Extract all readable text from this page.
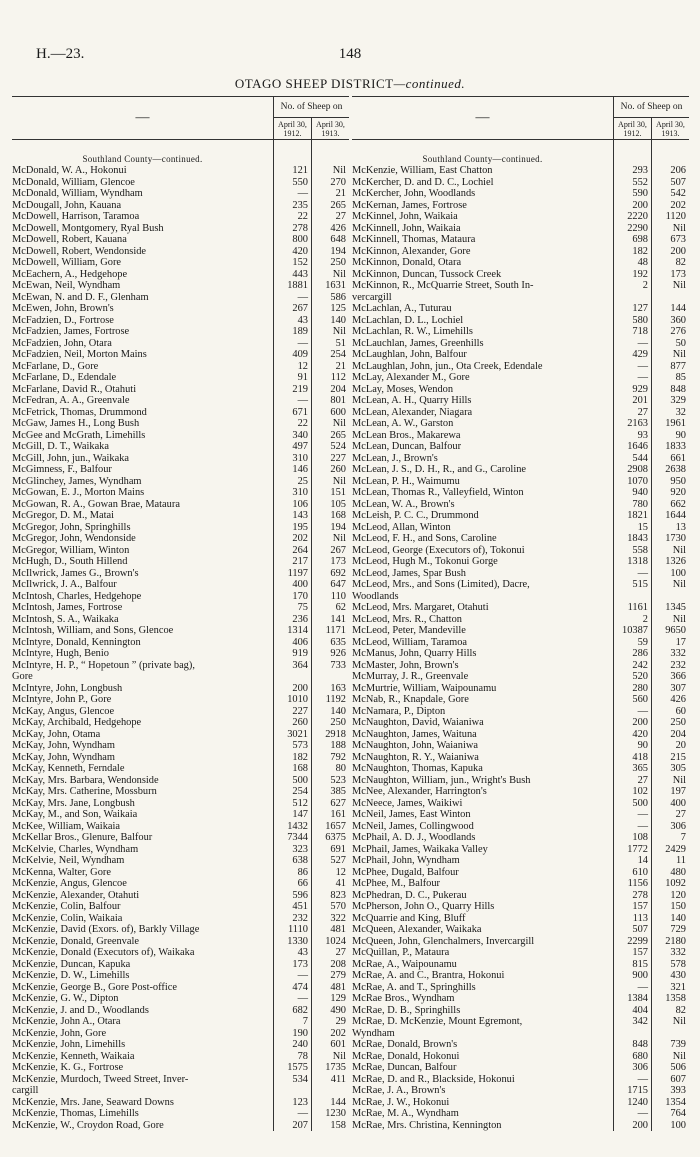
H.—23.	148
OTAGO SHEEP DISTRICT—continued.
—
No. of Sheep on
April 30, 1912.
April 30, 1913.
Southland County—continued.
McDonald, W. A., Hokonui
McDonald, William, Glencoe
McDonald, William, Wyndham
McDougall, John, Kauana
McDowell, Harrison, Taramoa
McDowell, Montgomery, Ryal Bush
McDowell, Robert, Kauana
McDowell, Robert, Wendonside
McDowell, William, Gore
McEachern, A., Hedgehope
McEwan, Neil, Wyndham
McEwan, N. and D. F., Glenham
McEwen, John, Brown's
McFadzien, D., Fortrose
McFadzien, James, Fortrose
McFadzien, John, Otara
McFadzien, Neil, Morton Mains
McFarlane, D., Gore
McFarlane, D., Edendale
McFarlane, David R., Otahuti
McFedran, A. A., Greenvale
McFetrick, Thomas, Drummond
McGaw, James H., Long Bush
McGee and McGrath, Limehills
McGill, D. T., Waikaka
McGill, John, jun., Waikaka
McGimness, F., Balfour
McGlinchey, James, Wyndham
McGowan, E. J., Morton Mains
McGowan, R. A., Gowan Brae, Mataura
McGregor, D. M., Matai
McGregor, John, Springhills
McGregor, John, Wendonside
McGregor, William, Winton
McHugh, D., South Hillend
McIlwrick, James G., Brown's
McIlwrick, J. A., Balfour
McIntosh, Charles, Hedgehope
McIntosh, James, Fortrose
McIntosh, S. A., Waikaka
McIntosh, William, and Sons, Glencoe
McIntyre, Donald, Kennington
McIntyre, Hugh, Benio
McIntyre, H. P., “ Hopetoun ” (private bag),
Gore
McIntyre, John, Longbush
McIntyre, John P., Gore
McKay, Angus, Glencoe
McKay, Archibald, Hedgehope
McKay, John, Otama
McKay, John, Wyndham
McKay, John, Wyndham
McKay, Kenneth, Ferndale
McKay, Mrs. Barbara, Wendonside
McKay, Mrs. Catherine, Mossburn
McKay, Mrs. Jane, Longbush
McKay, M., and Son, Waikaia
McKee, William, Waikaia
McKellar Bros., Glenure, Balfour
McKelvie, Charles, Wyndham
McKelvie, Neil, Wyndham
McKenna, Walter, Gore
McKenzie, Angus, Glencoe
McKenzie, Alexander, Otahuti
McKenzie, Colin, Balfour
McKenzie, Colin, Waikaia
McKenzie, David (Exors. of), Barkly Village
McKenzie, Donald, Greenvale
McKenzie, Donald (Executors of), Waikaka
McKenzie, Duncan, Kapuka
McKenzie, D. W., Limehills
McKenzie, George B., Gore Post-office
McKenzie, G. W., Dipton
McKenzie, J. and D., Woodlands
McKenzie, John A., Otara
McKenzie, John, Gore
McKenzie, John, Limehills
McKenzie, Kenneth, Waikaia
McKenzie, K. G., Fortrose
McKenzie, Murdoch, Tweed Street, Inver-
cargill
McKenzie, Mrs. Jane, Seaward Downs
McKenzie, Thomas, Limehills
McKenzie, W., Croydon Road, Gore
121
550
—
235
22
278
800
420
152
443
1881
—
267
43
189
—
409
12
91
219
—
671
22
340
497
310
146
25
310
106
143
195
202
264
217
1197
400
170
75
236
1314
406
919
364
200
1010
227
260
3021
573
182
168
500
254
512
147
1432
7344
323
638
86
66
596
451
232
1110
1330
43
173
—
474
—
682
7
190
240
78
1575
534
123
—
207
Nil
270
21
265
27
426
648
194
250
Nil
1631
586
125
140
Nil
51
254
21
112
204
801
600
Nil
265
524
227
260
Nil
151
105
168
194
Nil
267
173
692
647
110
62
141
1171
635
926
733
163
1192
140
250
2918
188
792
80
523
385
627
161
1657
6375
691
527
12
41
823
570
322
481
1024
27
208
279
481
129
490
29
202
601
Nil
1735
411
144
1230
158
—
No. of Sheep on
April 30, 1912.
April 30, 1913.
Southland County—continued.
McKenzie, William, East Chatton
McKercher, D. and D. C., Lochiel
McKercher, John, Woodlands
McKernan, James, Fortrose
McKinnel, John, Waikaia
McKinnell, John, Waikaia
McKinnell, Thomas, Mataura
McKinnon, Alexander, Gore
McKinnon, Donald, Otara
McKinnon, Duncan, Tussock Creek
McKinnon, R., McQuarrie Street, South In-
vercargill
McLachlan, A., Tuturau
McLachlan, D. L., Lochiel
McLachlan, R. W., Limehills
McLauchlan, James, Greenhills
McLaughlan, John, Balfour
McLaughlan, John, jun., Ota Creek, Edendale
McLay, Alexander M., Gore
McLay, Moses, Wendon
McLean, A. H., Quarry Hills
McLean, Alexander, Niagara
McLean, A. W., Garston
McLean Bros., Makarewa
McLean, Duncan, Balfour
McLean, J., Brown's
McLean, J. S., D. H., R., and G., Caroline
McLean, P. H., Waimumu
McLean, Thomas R., Valleyfield, Winton
McLean, W. A., Brown's
McLeish, P. C. C., Drummond
McLeod, Allan, Winton
McLeod, F. H., and Sons, Caroline
McLeod, George (Executors of), Tokonui
McLeod, Hugh M., Tokonui Gorge
McLeod, James, Spar Bush
McLeod, Mrs., and Sons (Limited), Dacre,
Woodlands
McLeod, Mrs. Margaret, Otahuti
McLeod, Mrs. R., Chatton
McLeod, Peter, Mandeville
McLeod, William, Taramoa
McManus, John, Quarry Hills
McMaster, John, Brown's
McMurray, J. R., Greenvale
McMurtrie, William, Waipounamu
McNab, R., Knapdale, Gore
McNamara, P., Dipton
McNaughton, David, Waianiwa
McNaughton, James, Waituna
McNaughton, John, Waianiwa
McNaughton, R. Y., Waianiwa
McNaughton, Thomas, Kapuka
McNaughton, William, jun., Wright's Bush
McNee, Alexander, Harrington's
McNeece, James, Waikiwi
McNeil, James, East Winton
McNeil, James, Collingwood
McPhail, A. D. J., Woodlands
McPhail, James, Waikaka Valley
McPhail, John, Wyndham
McPhee, Dugald, Balfour
McPhee, M., Balfour
McPhedran, D. C., Pukerau
McPherson, John O., Quarry Hills
McQuarrie and King, Bluff
McQueen, Alexander, Waikaka
McQueen, John, Glenchalmers, Invercargill
McQuillan, P., Mataura
McRae, A., Waipounamu
McRae, A. and C., Brantra, Hokonui
McRae, A. and T., Springhills
McRae Bros., Wyndham
McRae, D. B., Springhills
McRae, D. McKenzie, Mount Egremont,
Wyndham
McRae, Donald, Brown's
McRae, Donald, Hokonui
McRae, Duncan, Balfour
McRae, D. and R., Blackside, Hokonui
McRae, J. A., Brown's
McRae, J. W., Hokonui
McRae, M. A., Wyndham
McRae, Mrs. Christina, Kennington
293
552
590
200
2220
2290
698
182
48
192
2
127
580
718
—
429
—
—
929
201
27
2163
93
1646
544
2908
1070
940
780
1821
15
1843
558
1318
—
515
1161
2
10387
59
286
242
520
280
560
—
200
420
90
418
365
27
102
500
—
—
108
1772
14
610
1156
278
157
113
507
2299
157
815
900
—
1384
404
342
848
680
306
—
1715
1240
—
200
206
507
542
202
1120
Nil
673
200
82
173
Nil
144
360
276
50
Nil
877
85
848
329
32
1961
90
1833
661
2638
950
920
662
1644
13
1730
Nil
1326
100
Nil
1345
Nil
9650
17
332
232
366
307
426
60
250
204
20
215
305
Nil
197
400
27
306
7
2429
11
480
1092
120
150
140
729
2180
332
578
430
321
1358
82
Nil
739
Nil
506
607
393
1354
764
100
